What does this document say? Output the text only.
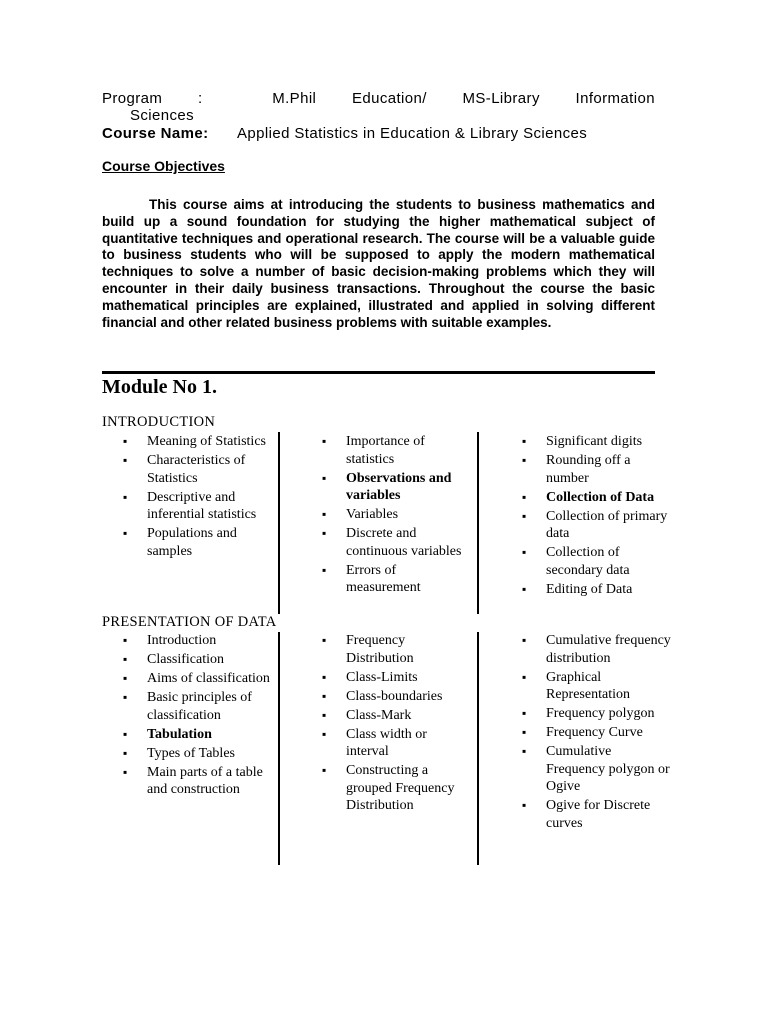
Program :	M.Phil Education/ MS-Library Information
Sciences
Course Name: Applied Statistics in Education & Library Sciences
Course Objectives

This course aims at introducing the students to business mathematics and build up a sound foundation for studying the higher mathematical subject of quantitative techniques and operational research. The course will be a valuable guide to business students who will be supposed to apply the modern mathematical techniques to solve a number of basic decision-making problems which they will encounter in their daily business transactions. Throughout the course the basic mathematical principles are explained, illustrated and applied in solving different financial and other related business problems with suitable examples.

Module No 1.
INTRODUCTION
▪ Meaning of Statistics
▪ Characteristics of Statistics
▪ Descriptive and inferential statistics
▪ Populations and samples
▪ Importance of statistics
▪ Observations and variables
▪ Variables
▪ Discrete and continuous variables
▪ Errors of measurement
▪ Significant digits
▪ Rounding off a number
▪ Collection of Data
▪ Collection of primary data
▪ Collection of secondary data
▪ Editing of Data
PRESENTATION OF DATA
▪ Introduction
▪ Classification
▪ Aims of classification
▪ Basic principles of classification
▪ Tabulation
▪ Types of Tables
▪ Main parts of a table and construction
▪ Frequency Distribution
▪ Class-Limits
▪ Class-boundaries
▪ Class-Mark
▪ Class width or interval
▪ Constructing a grouped Frequency Distribution
▪ Cumulative frequency distribution
▪ Graphical Representation
▪ Frequency polygon
▪ Frequency Curve
▪ Cumulative Frequency polygon or Ogive
▪ Ogive for Discrete curves
